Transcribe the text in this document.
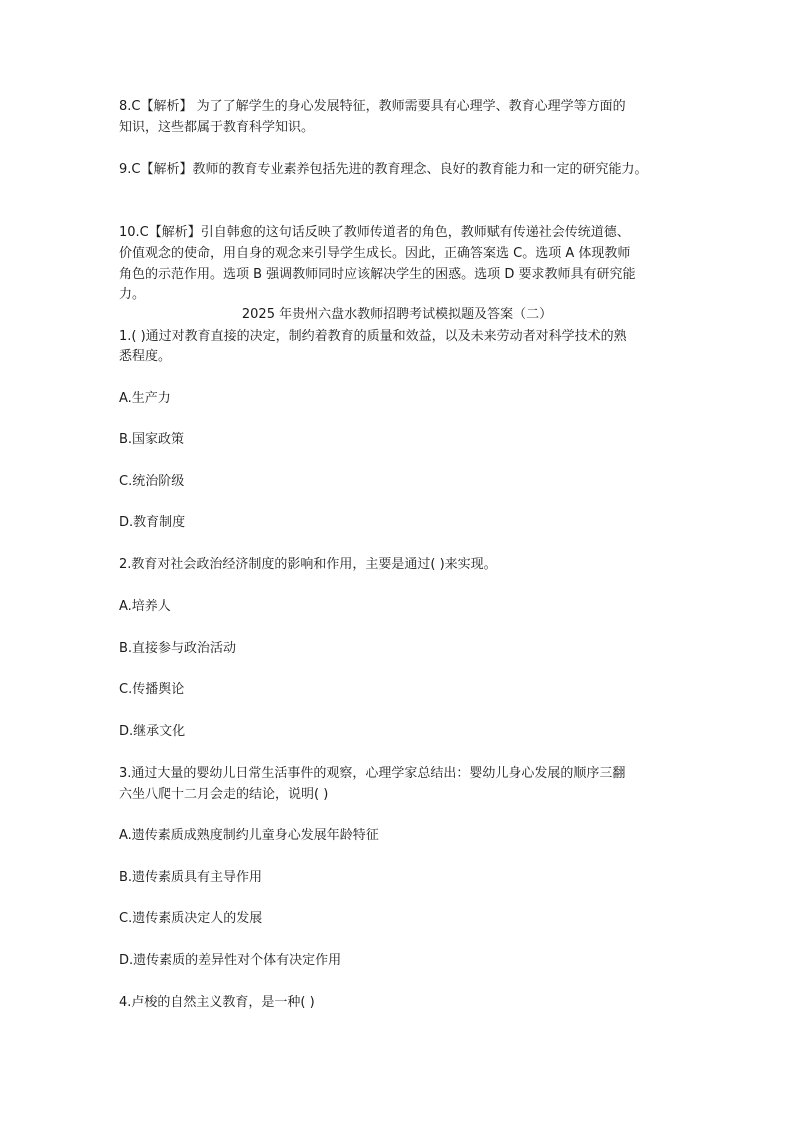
8.C【解析】 为了了解学生的身心发展特征，教师需要具有心理学、教育心理学等方面的

知识，这些都属于教育科学知识。

9.C【解析】教师的教育专业素养包括先进的教育理念、良好的教育能力和一定的研究能力。

10.C【解析】引自韩愈的这句话反映了教师传道者的角色，教师赋有传递社会传统道德、

价值观念的使命，用自身的观念来引导学生成长。因此，正确答案选 C。选项 A 体现教师

角色的示范作用。选项 B 强调教师同时应该解决学生的困惑。选项 D 要求教师具有研究能

力。

2025 年贵州六盘水教师招聘考试模拟题及答案（二）

1.( )通过对教育直接的决定，制约着教育的质量和效益，以及未来劳动者对科学技术的熟

悉程度。

A.生产力

B.国家政策

C.统治阶级

D.教育制度

2.教育对社会政治经济制度的影响和作用，主要是通过( )来实现。

A.培养人

B.直接参与政治活动

C.传播舆论

D.继承文化

3.通过大量的婴幼儿日常生活事件的观察，心理学家总结出：婴幼儿身心发展的顺序三翻

六坐八爬十二月会走的结论，说明( )

A.遗传素质成熟度制约儿童身心发展年龄特征

B.遗传素质具有主导作用

C.遗传素质决定人的发展

D.遗传素质的差异性对个体有决定作用

4.卢梭的自然主义教育，是一种( )
